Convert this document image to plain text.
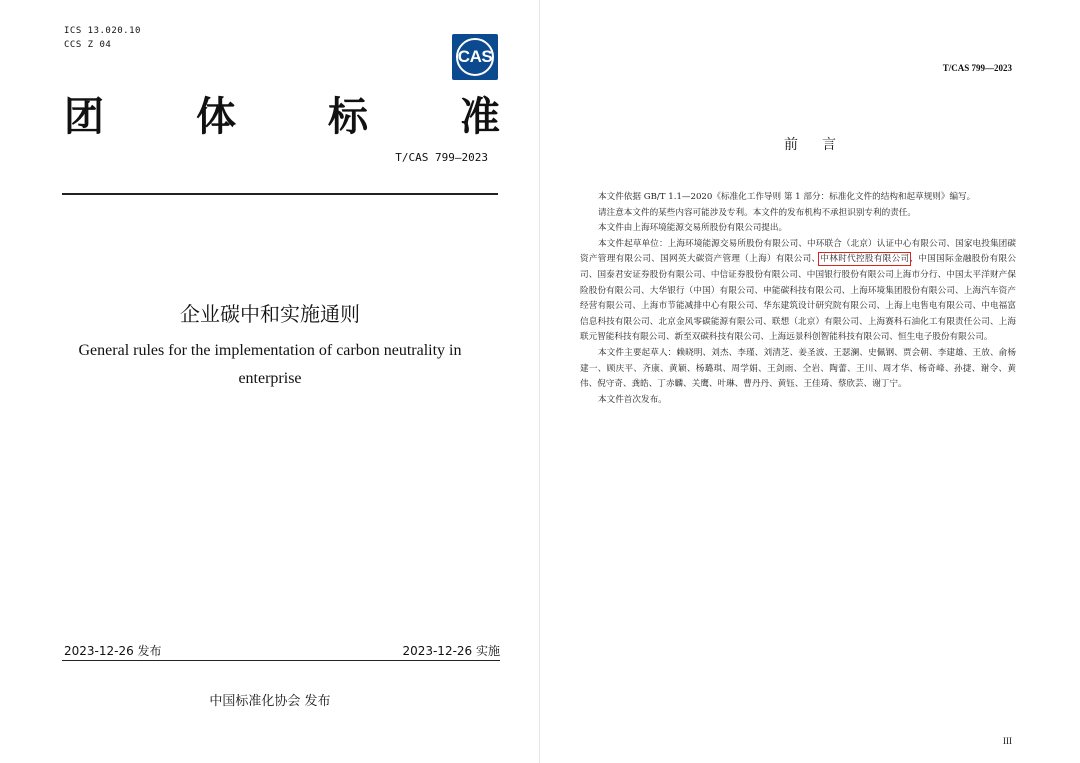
ICS 13.020.10
CCS Z 04
CAS
团 体 标 准
T/CAS 799—2023
企业碳中和实施通则
General rules for the implementation of carbon neutrality in enterprise
2023-12-26 发布	2023-12-26 实施
中国标准化协会 发布
T/CAS 799—2023
前言

本文件依据 GB/T 1.1—2020《标准化工作导则 第 1 部分：标准化文件的结构和起草规则》编写。

请注意本文件的某些内容可能涉及专利。本文件的发布机构不承担识别专利的责任。

本文件由上海环境能源交易所股份有限公司提出。

本文件起草单位：上海环境能源交易所股份有限公司、中环联合（北京）认证中心有限公司、国家电投集团碳资产管理有限公司、国网英大碳资产管理（上海）有限公司、中林时代控股有限公司、中国国际金融股份有限公司、国泰君安证券股份有限公司、中信证券股份有限公司、中国银行股份有限公司上海市分行、中国太平洋财产保险股份有限公司、大华银行（中国）有限公司、申能碳科技有限公司、上海环境集团股份有限公司、上海汽车资产经营有限公司、上海市节能减排中心有限公司、华东建筑设计研究院有限公司、上海上电售电有限公司、中电福富信息科技有限公司、北京金风零碳能源有限公司、联想（北京）有限公司、上海赛科石油化工有限责任公司、上海联元智能科技有限公司、新至双碳科技有限公司、上海远景科创智能科技有限公司、恒生电子股份有限公司。

本文件主要起草人：赖晓明、刘杰、李瑾、刘清芝、姜圣波、王瑟澜、史佩钢、贾会朝、李建雄、王放、俞杨建一、顾庆平、齐康、黄颖、杨璐琪、周学娟、王剑雨、仝岩、陶蕾、王川、周才华、杨奇峰、孙捷、谢令、黄伟、倪守奇、龚皓、丁赤麟、关鹰、叶琳、曹丹丹、黄钰、王佳琦、蔡欣芸、谢丁宁。

本文件首次发布。

III
